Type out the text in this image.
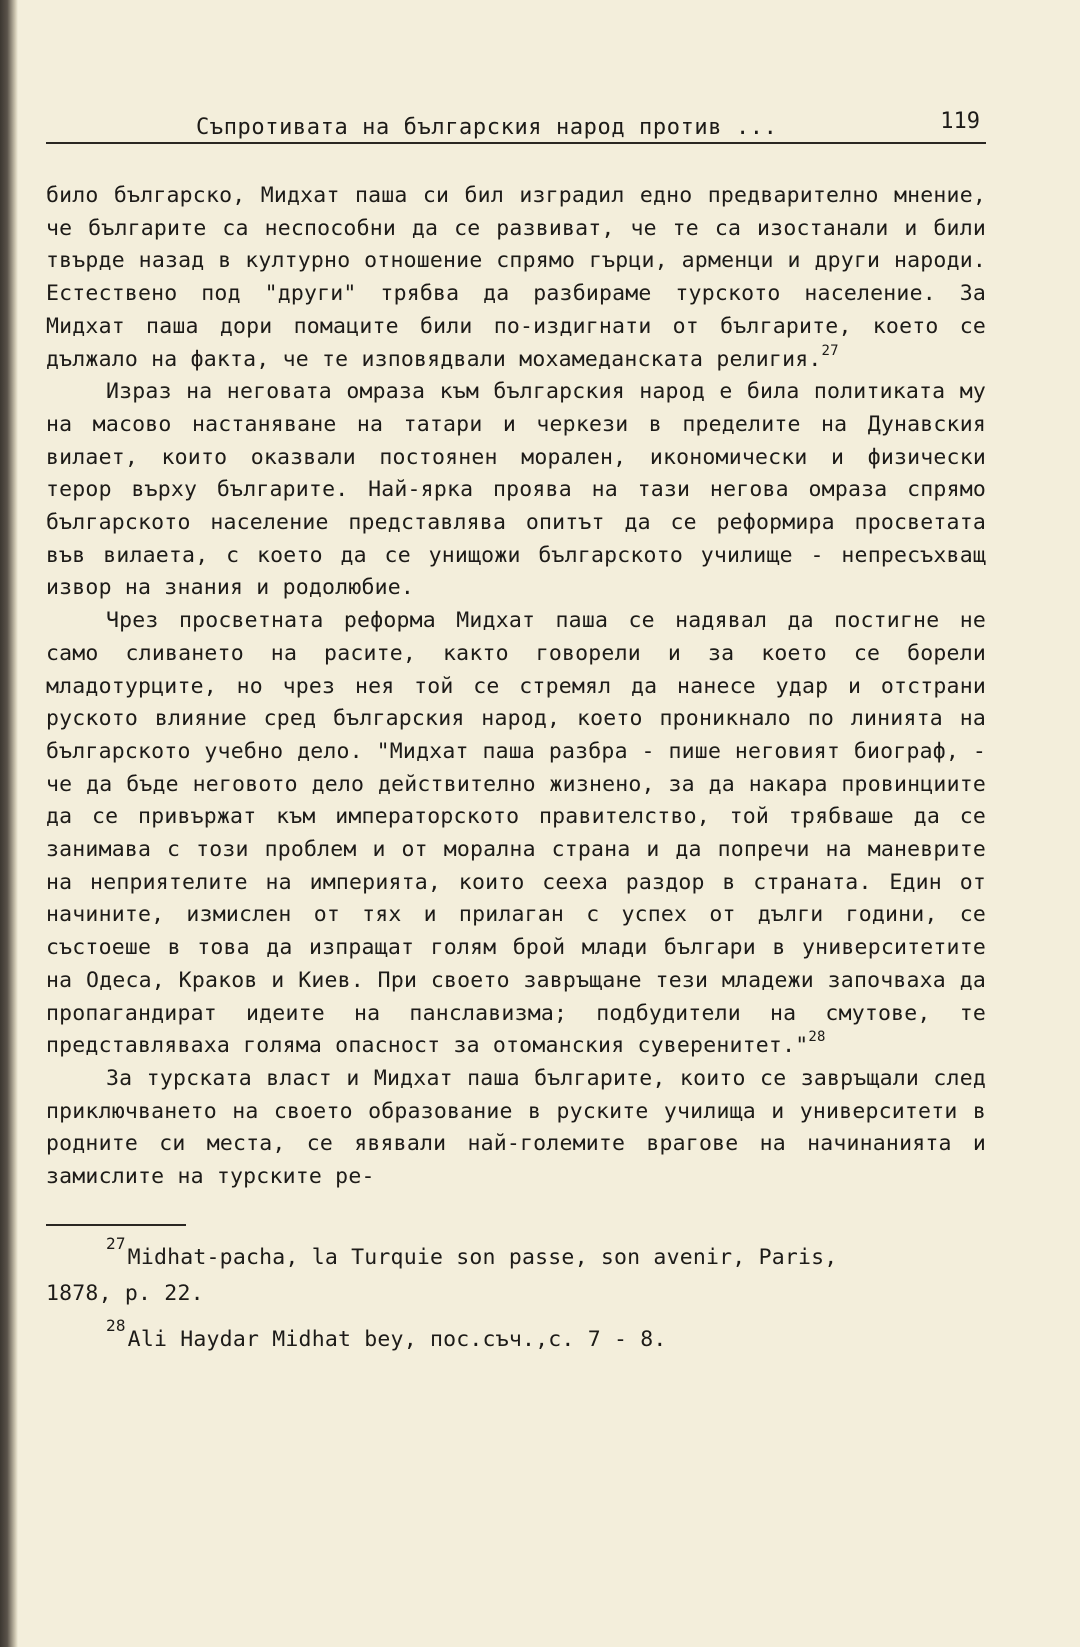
Съпротивата на българския народ против ...	119

било българско, Мидхат паша си бил изградил едно предварително мнение, че българите са неспособни да се развиват, че те са изостанали и били твърде назад в културно отношение спрямо гърци, арменци и други народи. Естествено под "други" трябва да разбираме турското население. За Мидхат паша дори помаците били по-издигнати от българите, което се дължало на факта, че те изповядвали мохамеданската религия.$^{27}$

Израз на неговата омраза към българския народ е била политиката му на масово настаняване на татари и черкези в пределите на Дунавския вилает, които оказвали постоянен морален, икономически и физически терор върху българите. Най-ярка проява на тази негова омраза спрямо българското население представлява опитът да се реформира просветата във вилаета, с което да се унищожи българското училище - непресъхващ извор на знания и родолюбие.

Чрез просветната реформа Мидхат паша се надявал да постигне не само сливането на расите, както говорели и за което се борели младотурците, но чрез нея той се стремял да нанесе удар и отстрани руското влияние сред българския народ, което проникнало по линията на българското учебно дело. "Мидхат паша разбра - пише неговият биограф, - че да бъде неговото дело действително жизнено, за да накара провинциите да се привържат към императорското правителство, той трябваше да се занимава с този проблем и от морална страна и да попречи на маневрите на неприятелите на империята, които сееха раздор в страната. Един от начините, измислен от тях и прилаган с успех от дълги години, се състоеше в това да изпращат голям брой млади българи в университетите на Одеса, Краков и Киев. При своето завръщане тези младежи започваха да пропагандират идеите на панславизма; подбудители на смутове, те представляваха голяма опасност за отоманския суверенитет."$^{28}$

За турската власт и Мидхат паша българите, които се завръщали след приключването на своето образование в руските училища и университети в родните си места, се явявали най-големите врагове на начинанията и замислите на турските ре-

$^{27}$Midhat-pacha, la Turquie son passe, son avenir, Paris,
1878, p. 22.

$^{28}$Ali Haydar Midhat bey, пос.съч.,с. 7 - 8.
